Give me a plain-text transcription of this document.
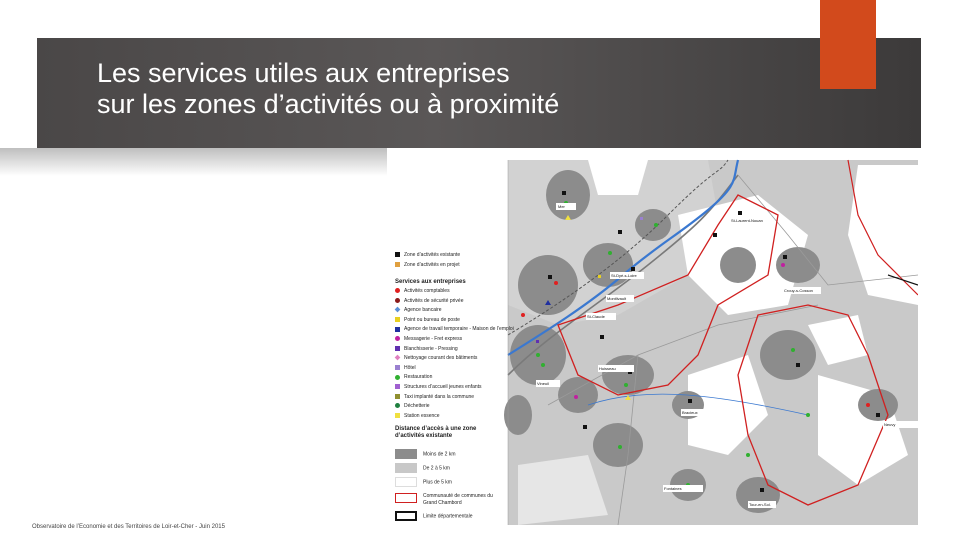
Les services utiles aux entreprises
sur les zones d’activités ou à proximité
Mer
St-Laurent-Nouan
St-Dyé-s-Loire
Montlivault
St-Claude
Crouy-s-Cosson
Huisseau
Vineuil
Bracieux
Neuvy
Fontaines
Tour-en-Sol.
Zone d’activités existante
Zone d’activités en projet
Services aux entreprises
Activités comptables
Activités de sécurité privée
Agence bancaire
Point ou bureau de poste
Agence de travail temporaire - Maison de l’emploi
Messagerie - Fret express
Blanchisserie - Pressing
Nettoyage courant des bâtiments
Hôtel
Restauration
Structures d’accueil jeunes enfants
Taxi implanté dans la commune
Déchetterie
Station essence
Distance d’accès à une zone d’activités existante
Moins de 2 km
De 2 à 5 km
Plus de 5 km
Communauté de communes du Grand Chambord
Limite départementale
Observatoire de l’Economie et des Territoires de Loir-et-Cher - Juin 2015
